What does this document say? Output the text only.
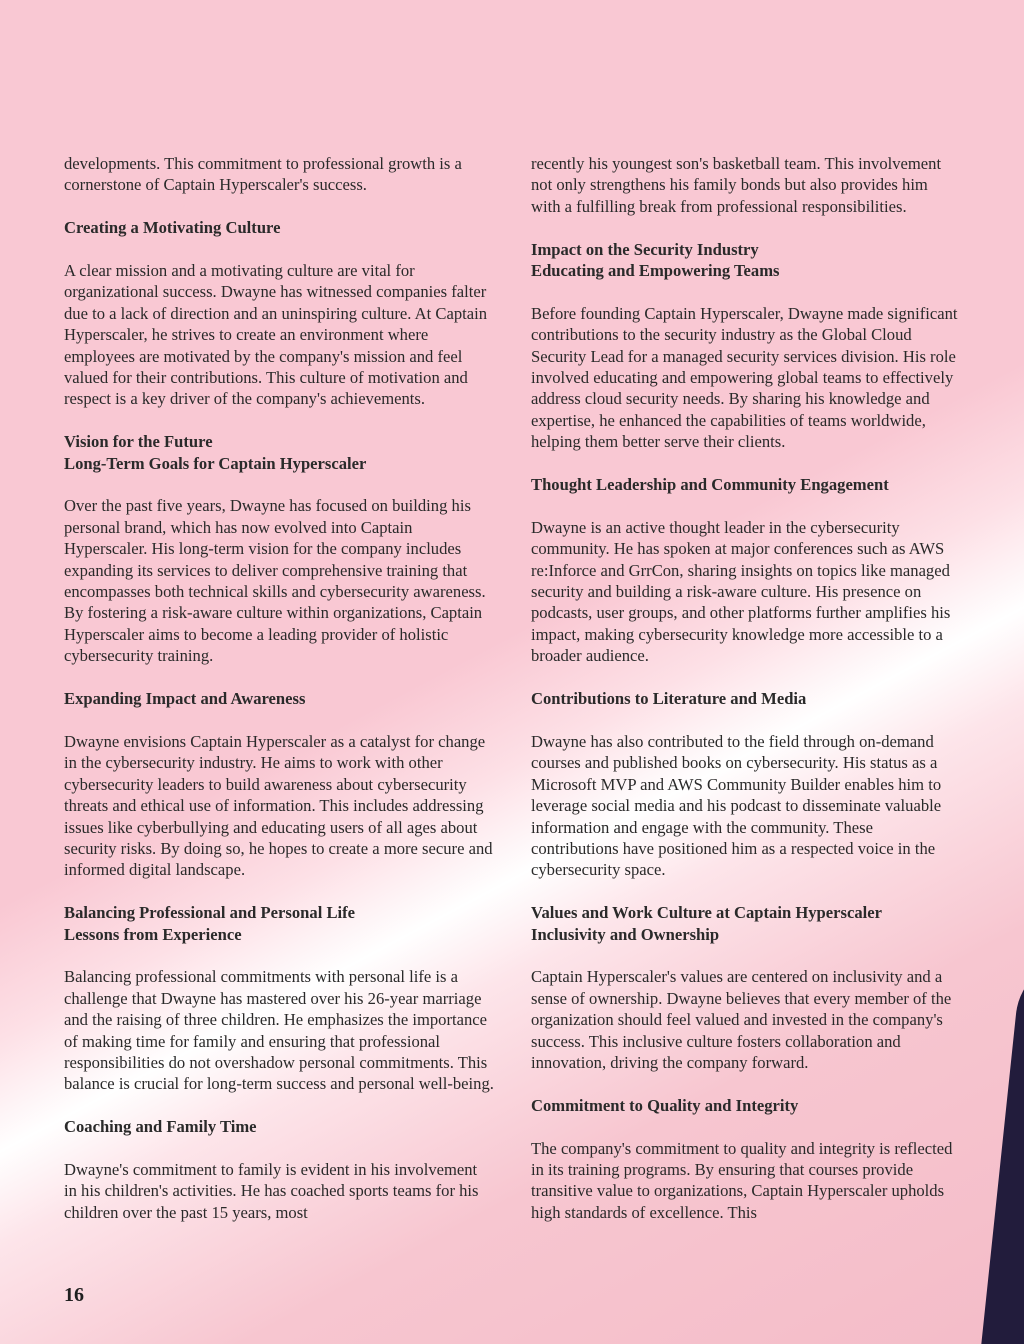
developments. This commitment to professional growth is a cornerstone of Captain Hyperscaler's success.

Creating a Motivating Culture

A clear mission and a motivating culture are vital for organizational success. Dwayne has witnessed companies falter due to a lack of direction and an uninspiring culture. At Captain Hyperscaler, he strives to create an environment where employees are motivated by the company's mission and feel valued for their contributions. This culture of motivation and respect is a key driver of the company's achievements.

Vision for the Future
Long-Term Goals for Captain Hyperscaler

Over the past five years, Dwayne has focused on building his personal brand, which has now evolved into Captain Hyperscaler. His long-term vision for the company includes expanding its services to deliver comprehensive training that encompasses both technical skills and cybersecurity awareness. By fostering a risk-aware culture within organizations, Captain Hyperscaler aims to become a leading provider of holistic cybersecurity training.

Expanding Impact and Awareness

Dwayne envisions Captain Hyperscaler as a catalyst for change in the cybersecurity industry. He aims to work with other cybersecurity leaders to build awareness about cybersecurity threats and ethical use of information. This includes addressing issues like cyberbullying and educating users of all ages about security risks. By doing so, he hopes to create a more secure and informed digital landscape.

Balancing Professional and Personal Life
Lessons from Experience

Balancing professional commitments with personal life is a challenge that Dwayne has mastered over his 26-year marriage and the raising of three children. He emphasizes the importance of making time for family and ensuring that professional responsibilities do not overshadow personal commitments. This balance is crucial for long-term success and personal well-being.

Coaching and Family Time

Dwayne's commitment to family is evident in his involvement in his children's activities. He has coached sports teams for his children over the past 15 years, most

recently his youngest son's basketball team. This involvement not only strengthens his family bonds but also provides him with a fulfilling break from professional responsibilities.

Impact on the Security Industry
Educating and Empowering Teams

Before founding Captain Hyperscaler, Dwayne made significant contributions to the security industry as the Global Cloud Security Lead for a managed security services division. His role involved educating and empowering global teams to effectively address cloud security needs. By sharing his knowledge and expertise, he enhanced the capabilities of teams worldwide, helping them better serve their clients.

Thought Leadership and Community Engagement

Dwayne is an active thought leader in the cybersecurity community. He has spoken at major conferences such as AWS re:Inforce and GrrCon, sharing insights on topics like managed security and building a risk-aware culture. His presence on podcasts, user groups, and other platforms further amplifies his impact, making cybersecurity knowledge more accessible to a broader audience.

Contributions to Literature and Media

Dwayne has also contributed to the field through on-demand courses and published books on cybersecurity. His status as a Microsoft MVP and AWS Community Builder enables him to leverage social media and his podcast to disseminate valuable information and engage with the community. These contributions have positioned him as a respected voice in the cybersecurity space.

Values and Work Culture at Captain Hyperscaler
Inclusivity and Ownership

Captain Hyperscaler's values are centered on inclusivity and a sense of ownership. Dwayne believes that every member of the organization should feel valued and invested in the company's success. This inclusive culture fosters collaboration and innovation, driving the company forward.

Commitment to Quality and Integrity

The company's commitment to quality and integrity is reflected in its training programs. By ensuring that courses provide transitive value to organizations, Captain Hyperscaler upholds high standards of excellence. This

16
